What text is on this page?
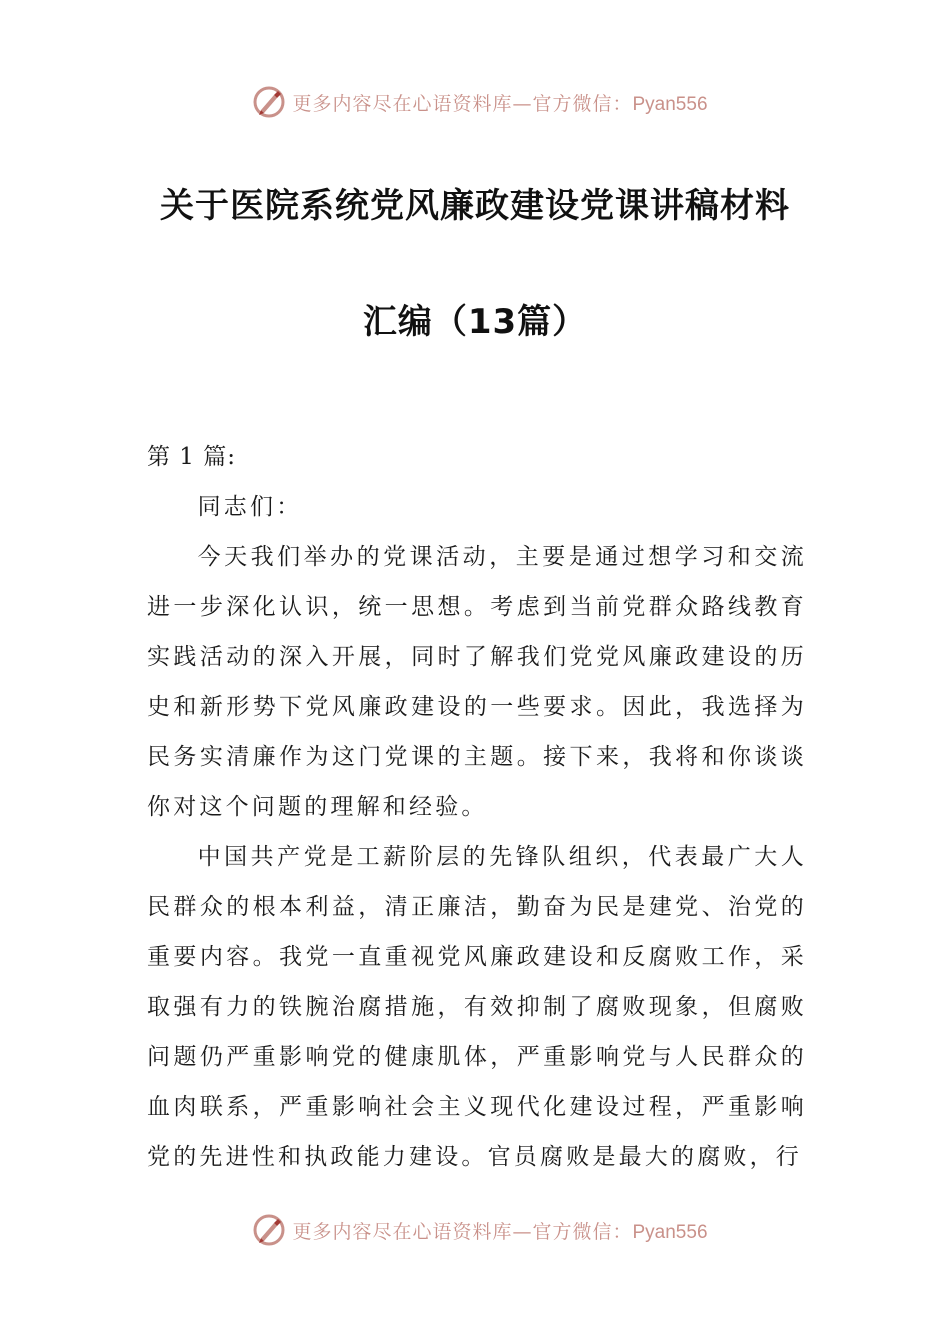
更多内容尽在心语资料库—官方微信：Pyan556
关于医院系统党风廉政建设党课讲稿材料
汇编（13篇）

第 1 篇:

同志们：

今天我们举办的党课活动，主要是通过想学习和交流进一步深化认识，统一思想。考虑到当前党群众路线教育实践活动的深入开展，同时了解我们党党风廉政建设的历史和新形势下党风廉政建设的一些要求。因此，我选择为民务实清廉作为这门党课的主题。接下来，我将和你谈谈你对这个问题的理解和经验。

中国共产党是工薪阶层的先锋队组织，代表最广大人民群众的根本利益，清正廉洁，勤奋为民是建党、治党的重要内容。我党一直重视党风廉政建设和反腐败工作，采取强有力的铁腕治腐措施，有效抑制了腐败现象，但腐败问题仍严重影响党的健康肌体，严重影响党与人民群众的血肉联系，严重影响社会主义现代化建设过程，严重影响党的先进性和执政能力建设。官员腐败是最大的腐败，行

更多内容尽在心语资料库—官方微信：Pyan556
